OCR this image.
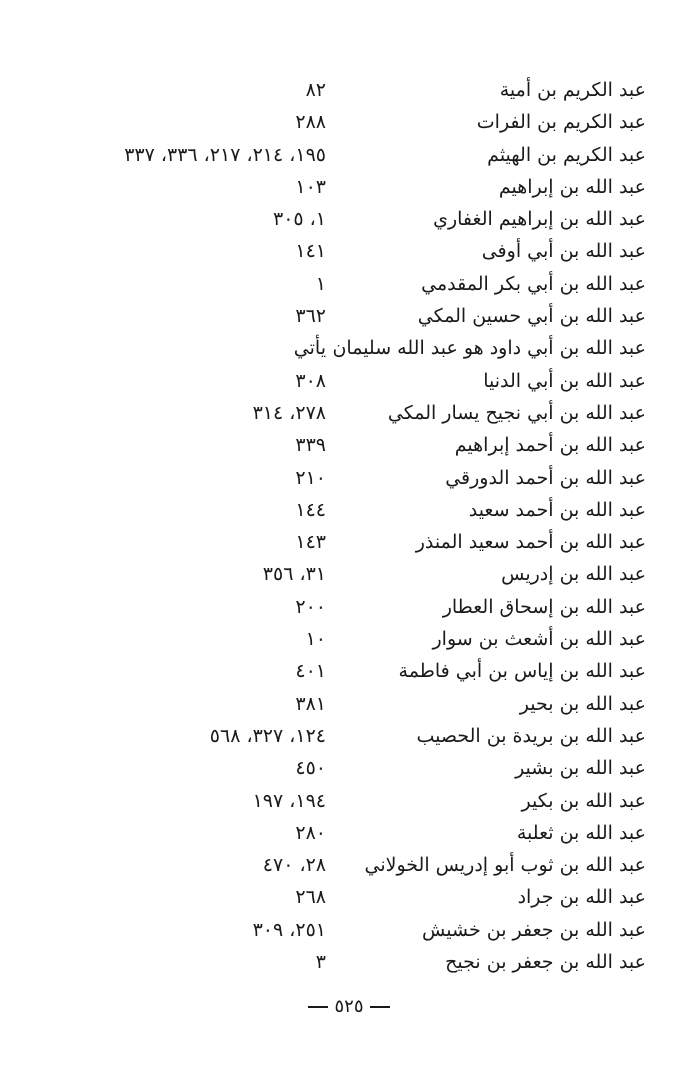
عبد الكريم بن أمية
٨٢
عبد الكريم بن الفرات
٢٨٨
عبد الكريم بن الهيثم
١٩٥، ٢١٤، ٢١٧، ٣٣٦، ٣٣٧
عبد الله بن إبراهيم
١٠٣
عبد الله بن إبراهيم الغفاري
١، ٣٠٥
عبد الله بن أبي أوفى
١٤١
عبد الله بن أبي بكر المقدمي
١
عبد الله بن أبي حسين المكي
٣٦٢
عبد الله بن أبي داود هو عبد الله سليمان
يأتي
عبد الله بن أبي الدنيا
٣٠٨
عبد الله بن أبي نجيح يسار المكي
٢٧٨، ٣١٤
عبد الله بن أحمد إبراهيم
٣٣٩
عبد الله بن أحمد الدورقي
٢١٠
عبد الله بن أحمد سعيد
١٤٤
عبد الله بن أحمد سعيد المنذر
١٤٣
عبد الله بن إدريس
٣١، ٣٥٦
عبد الله بن إسحاق العطار
٢٠٠
عبد الله بن أشعث بن سوار
١٠
عبد الله بن إياس بن أبي فاطمة
٤٠١
عبد الله بن بحير
٣٨١
عبد الله بن بريدة بن الحصيب
١٢٤، ٣٢٧، ٥٦٨
عبد الله بن بشير
٤٥٠
عبد الله بن بكير
١٩٤، ١٩٧
عبد الله بن ثعلبة
٢٨٠
عبد الله بن ثوب أبو إدريس الخولاني
٢٨، ٤٧٠
عبد الله بن جراد
٢٦٨
عبد الله بن جعفر بن خشيش
٢٥١، ٣٠٩
عبد الله بن جعفر بن نجيح
٣
٥٢٥
